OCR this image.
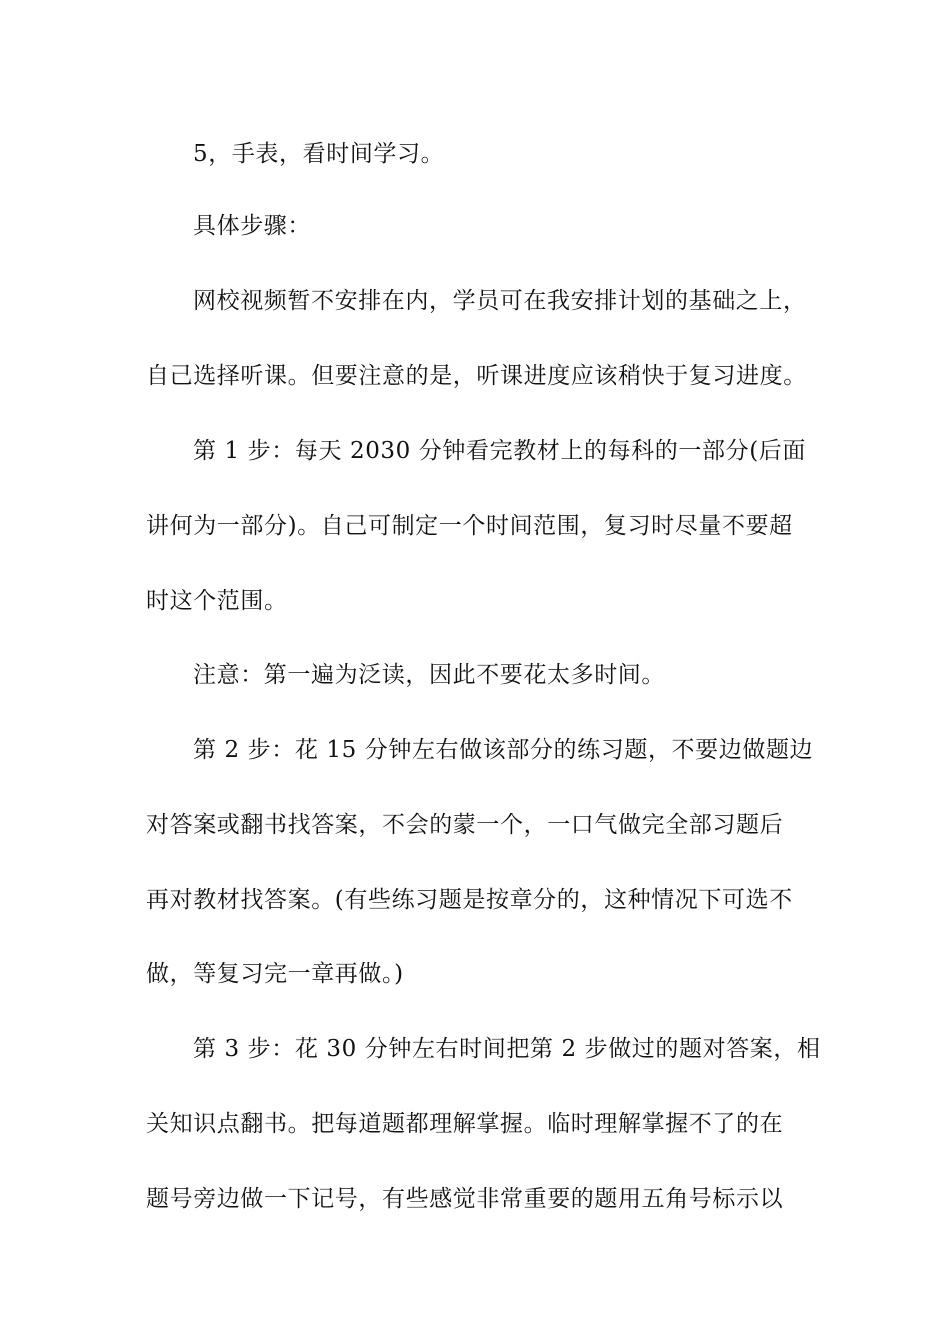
5，手表，看时间学习。
具体步骤：
网校视频暂不安排在内，学员可在我安排计划的基础之上，
自己选择听课。但要注意的是，听课进度应该稍快于复习进度。
第 1 步：每天 2030 分钟看完教材上的每科的一部分(后面
讲何为一部分)。自己可制定一个时间范围，复习时尽量不要超
时这个范围。
注意：第一遍为泛读，因此不要花太多时间。
第 2 步：花 15 分钟左右做该部分的练习题，不要边做题边
对答案或翻书找答案，不会的蒙一个，一口气做完全部习题后
再对教材找答案。(有些练习题是按章分的，这种情况下可选不
做，等复习完一章再做。)
第 3 步：花 30 分钟左右时间把第 2 步做过的题对答案，相
关知识点翻书。把每道题都理解掌握。临时理解掌握不了的在
题号旁边做一下记号，有些感觉非常重要的题用五角号标示以
